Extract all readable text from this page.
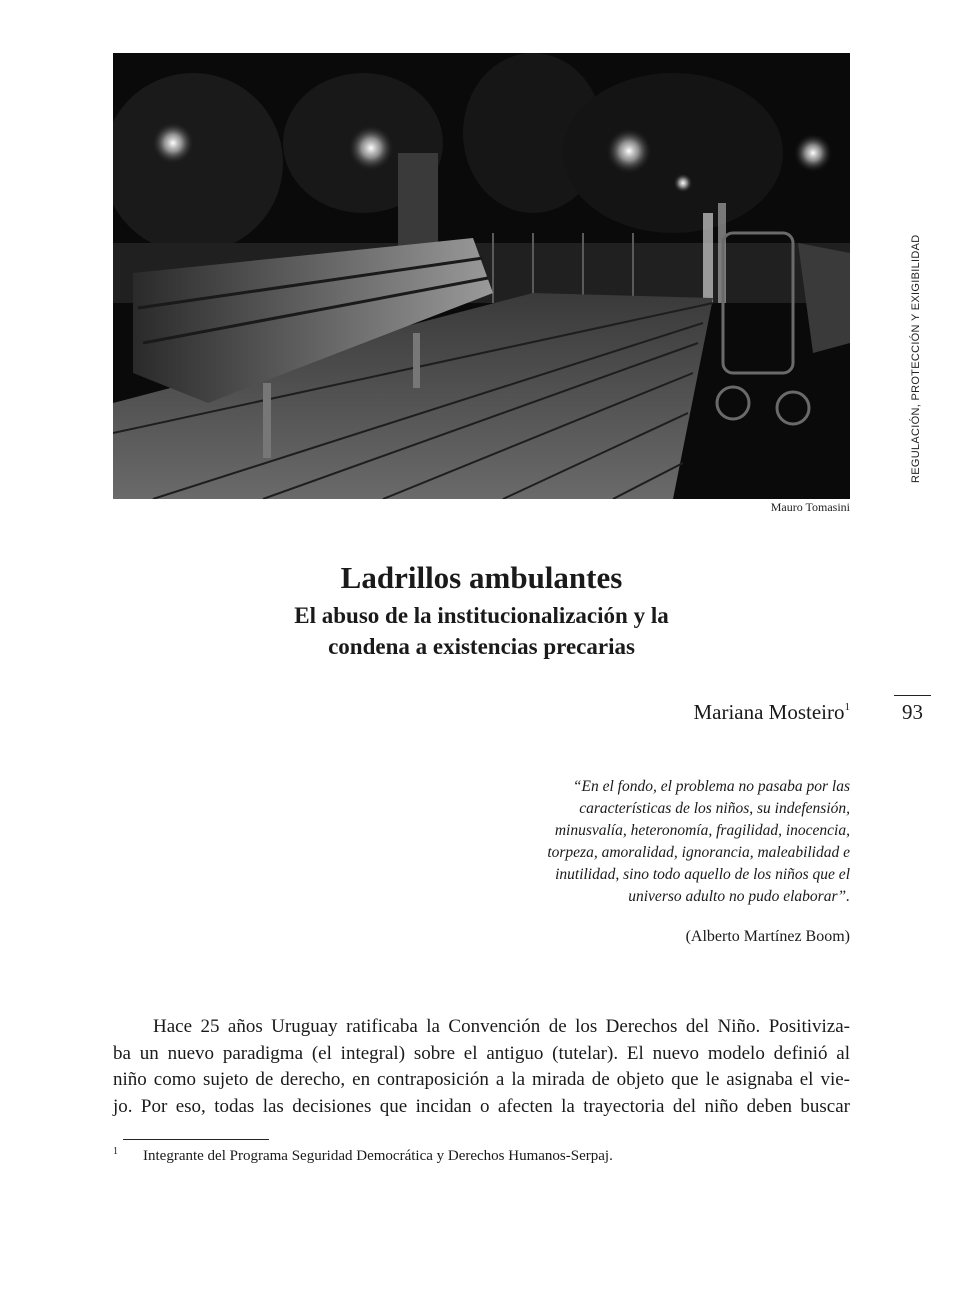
Mauro Tomasini
REGULACIÓN, PROTECCIÓN Y EXIGIBILIDAD
93
Ladrillos ambulantes
El abuso de la institucionalización y la
condena a existencias precarias
Mariana Mosteiro$^1$
“En el fondo, el problema no pasaba por las
características de los niños, su indefensión,
minusvalía, heteronomía, fragilidad, inocencia,
torpeza, amoralidad, ignorancia, maleabilidad e
inutilidad, sino todo aquello de los niños que el
universo adulto no pudo elaborar”.
(Alberto Martínez Boom)
Hace 25 años Uruguay ratificaba la Convención de los Derechos del Niño. Positiviza-
ba un nuevo paradigma (el integral) sobre el antiguo (tutelar). El nuevo modelo definió al
niño como sujeto de derecho, en contraposición a la mirada de objeto que le asignaba el vie-
jo. Por eso, todas las decisiones que incidan o afecten la trayectoria del niño deben buscar
1 Integrante del Programa Seguridad Democrática y Derechos Humanos-Serpaj.
